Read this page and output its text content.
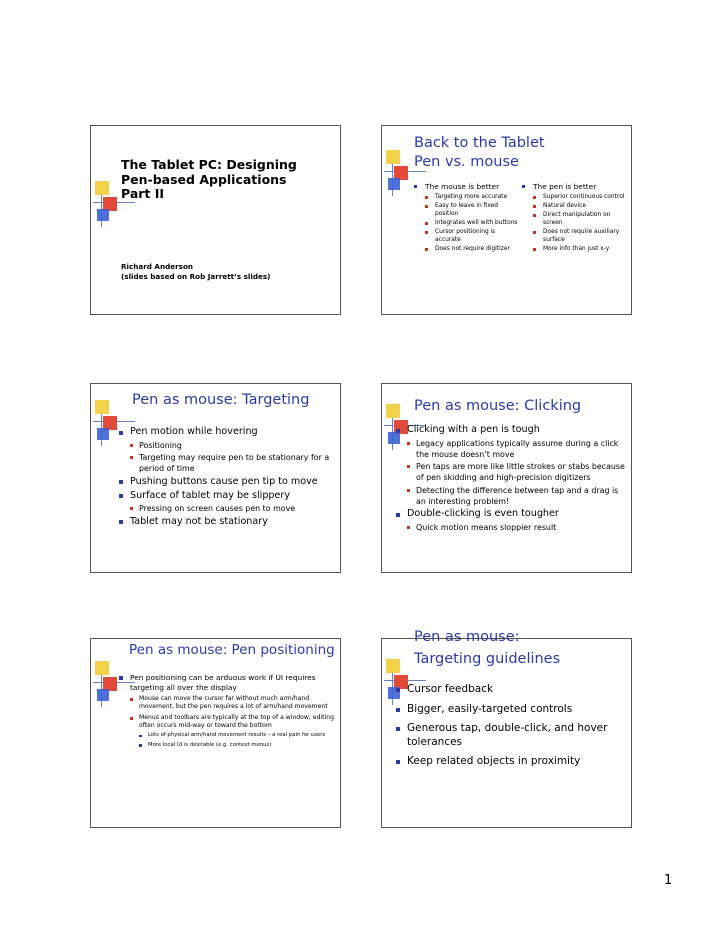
The Tablet PC: Designing
Pen-based Applications
Part II
Richard Anderson
(slides based on Rob Jarrett’s slides)
Back to the Tablet
Pen vs. mouse
The mouse is better
Targeting more accurate
Easy to leave in fixed position
Integrates well with buttons
Cursor positioning is accurate
Does not require digitizer
The pen is better
Superior continuous control
Natural device
Direct manipulation on screen
Does not require auxiliary surface
More info than just x-y
Pen as mouse: Targeting
Pen motion while hovering
Positioning
Targeting may require pen to be stationary for a period of time
Pushing buttons cause pen tip to move
Surface of tablet may be slippery
Pressing on screen causes pen to move
Tablet may not be stationary
Pen as mouse: Clicking
Clicking with a pen is tough
Legacy applications typically assume during a click the mouse doesn’t move
Pen taps are more like little strokes or stabs because of pen skidding and high-precision digitizers
Detecting the difference between tap and a drag is an interesting problem!
Double-clicking is even tougher
Quick motion means sloppier result
Pen as mouse: Pen positioning
Pen positioning can be arduous work if UI requires targeting all over the display
Mouse can move the cursor far without much arm/hand movement, but the pen requires a lot of arm/hand movement
Menus and toolbars are typically at the top of a window; editing often occurs mid-way or toward the bottom
Lots of physical arm/hand movement results – a real pain for users
More local UI is desirable (e.g. context menus)
Pen as mouse:
Targeting guidelines
Cursor feedback
Bigger, easily-targeted controls
Generous tap, double-click, and hover tolerances
Keep related objects in proximity
1
